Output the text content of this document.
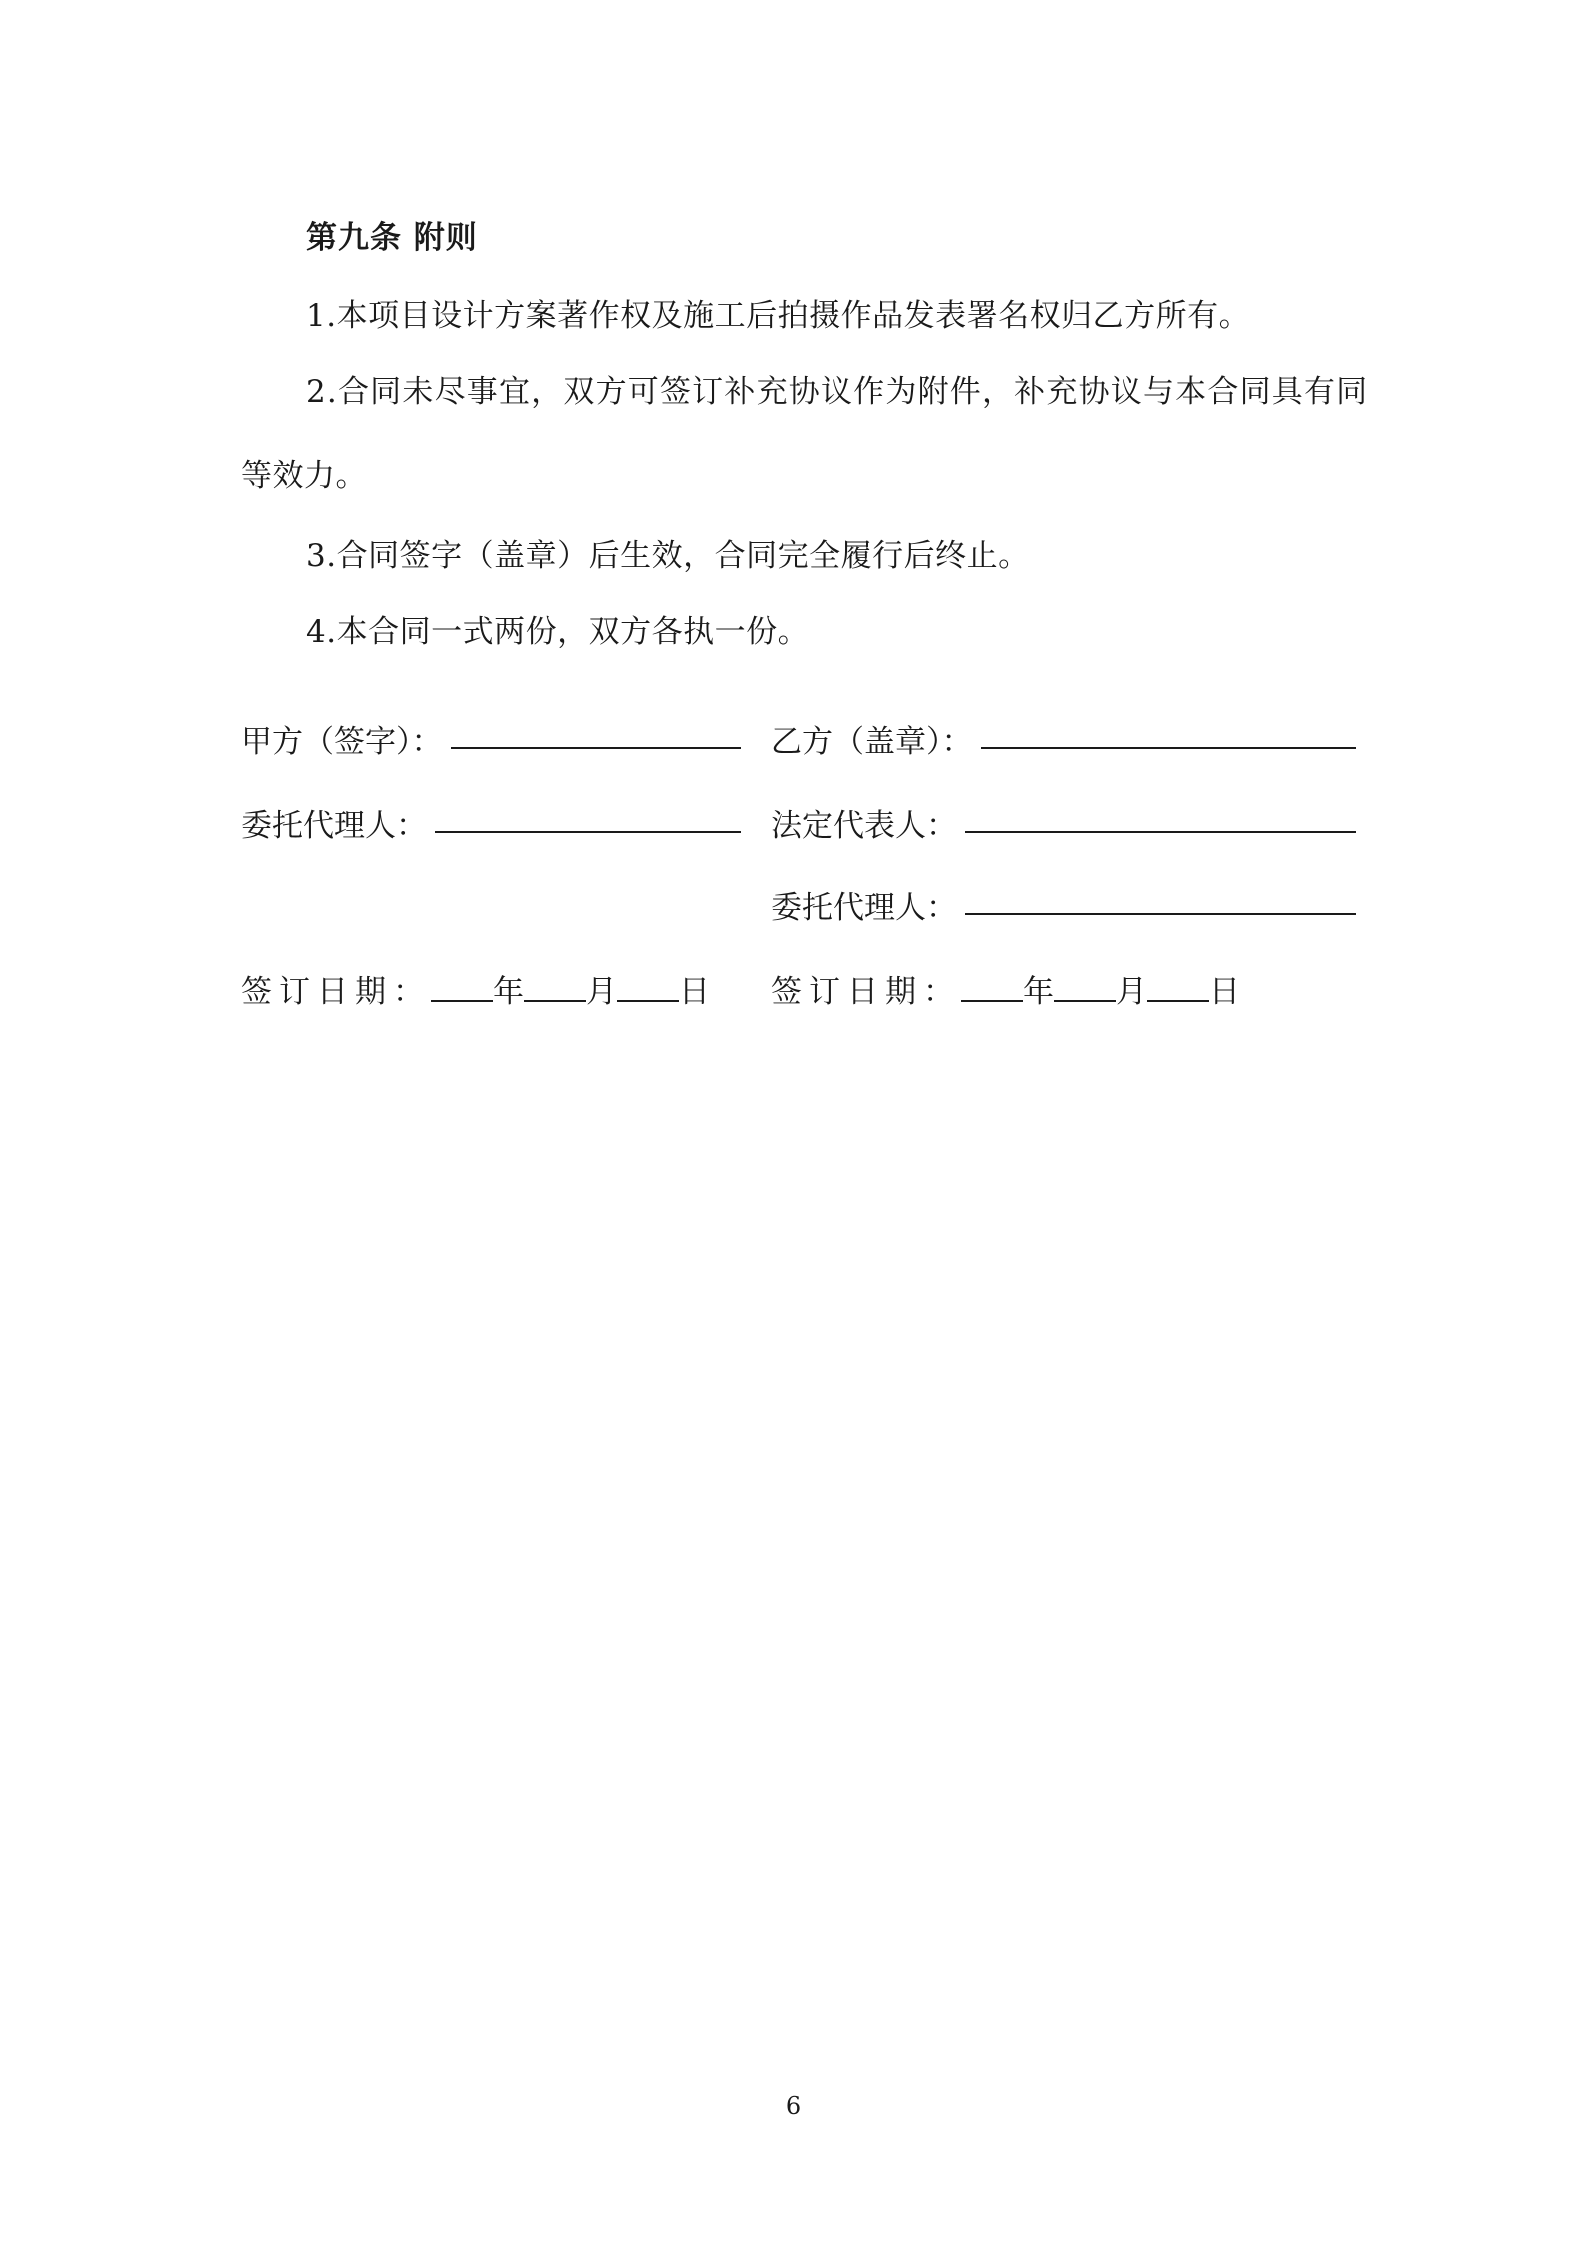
第九条 附则
1.本项目设计方案著作权及施工后拍摄作品发表署名权归乙方所有。
2.合同未尽事宜，双方可签订补充协议作为附件，补充协议与本合同具有同
等效力。
3.合同签字（盖章）后生效，合同完全履行后终止。
4.本合同一式两份，双方各执一份。
甲方（签字）：	乙方（盖章）：
委托代理人：	法定代表人：
委托代理人：
签订日期： 年 月 日 签订日期： 年 月 日
6
